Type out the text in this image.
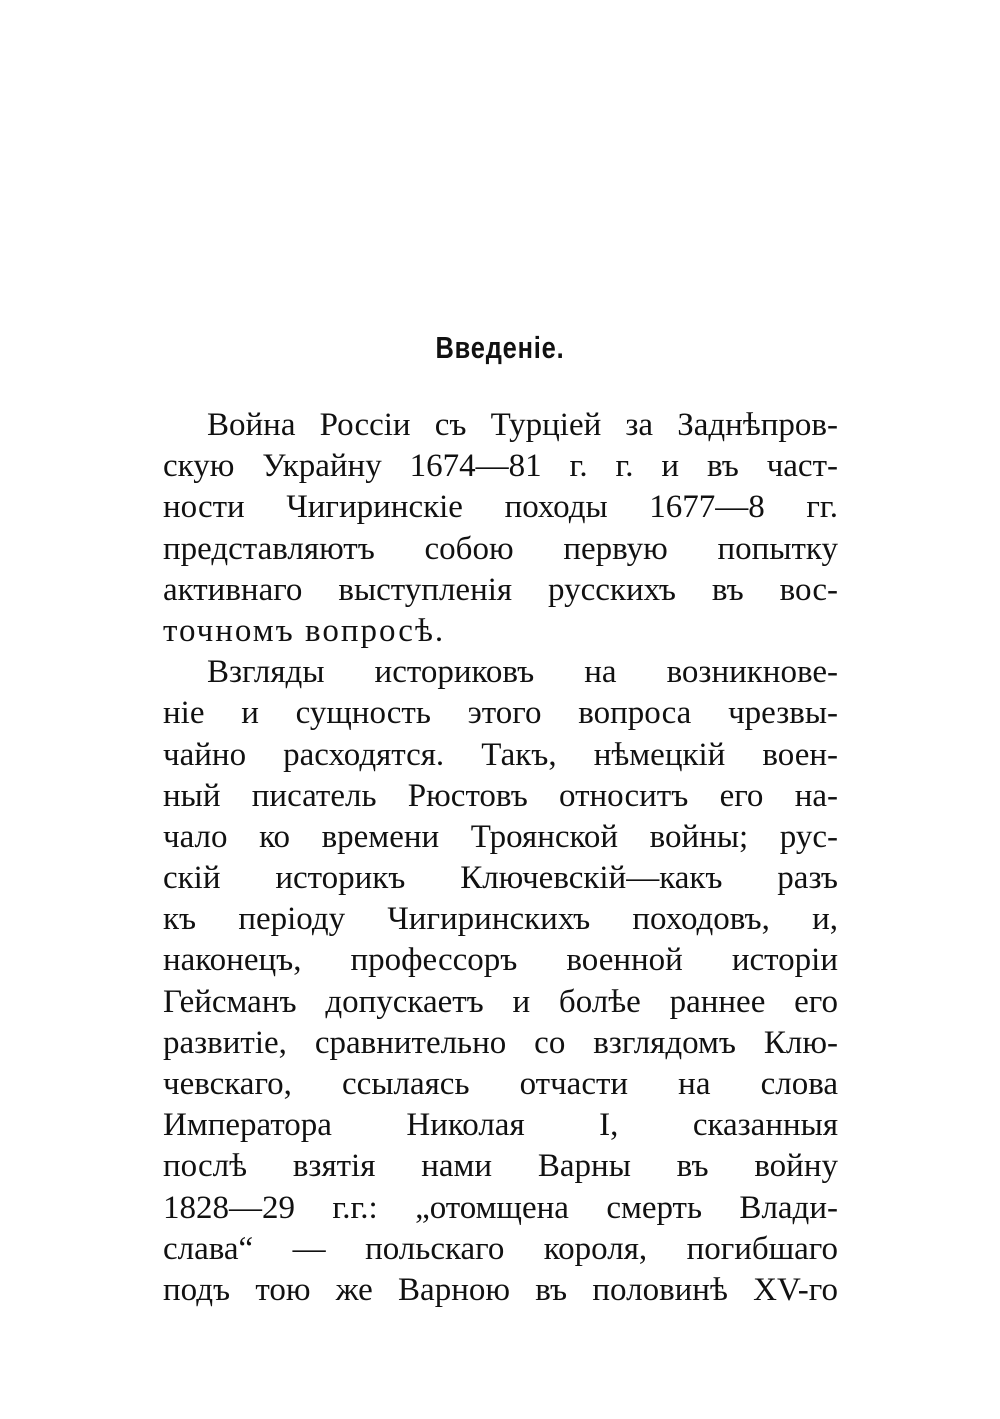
Введеніе.
Война Россіи съ Турціей за Заднѣпров-
скую Украйну 1674—81 г. г. и въ част-
ности Чигиринскіе походы 1677—8 гг.
представляютъ собою первую попытку
активнаго выступленія русскихъ въ вос-
точномъ вопросѣ.
Взгляды историковъ на возникнове-
ніе и сущность этого вопроса чрезвы-
чайно расходятся. Такъ, нѣмецкій воен-
ный писатель Рюстовъ относитъ его на-
чало ко времени Троянской войны; рус-
скій историкъ Ключевскій—какъ разъ
къ періоду Чигиринскихъ походовъ, и,
наконецъ, профессоръ военной исторіи
Гейсманъ допускаетъ и болѣе раннее его
развитіе, сравнительно со взглядомъ Клю-
чевскаго, ссылаясь отчасти на слова
Императора Николая I, сказанныя
послѣ взятія нами Варны въ войну
1828—29 г.г.: „отомщена смерть Влади-
слава“ — польскаго короля, погибшаго
подъ тою же Варною въ половинѣ XV-го
